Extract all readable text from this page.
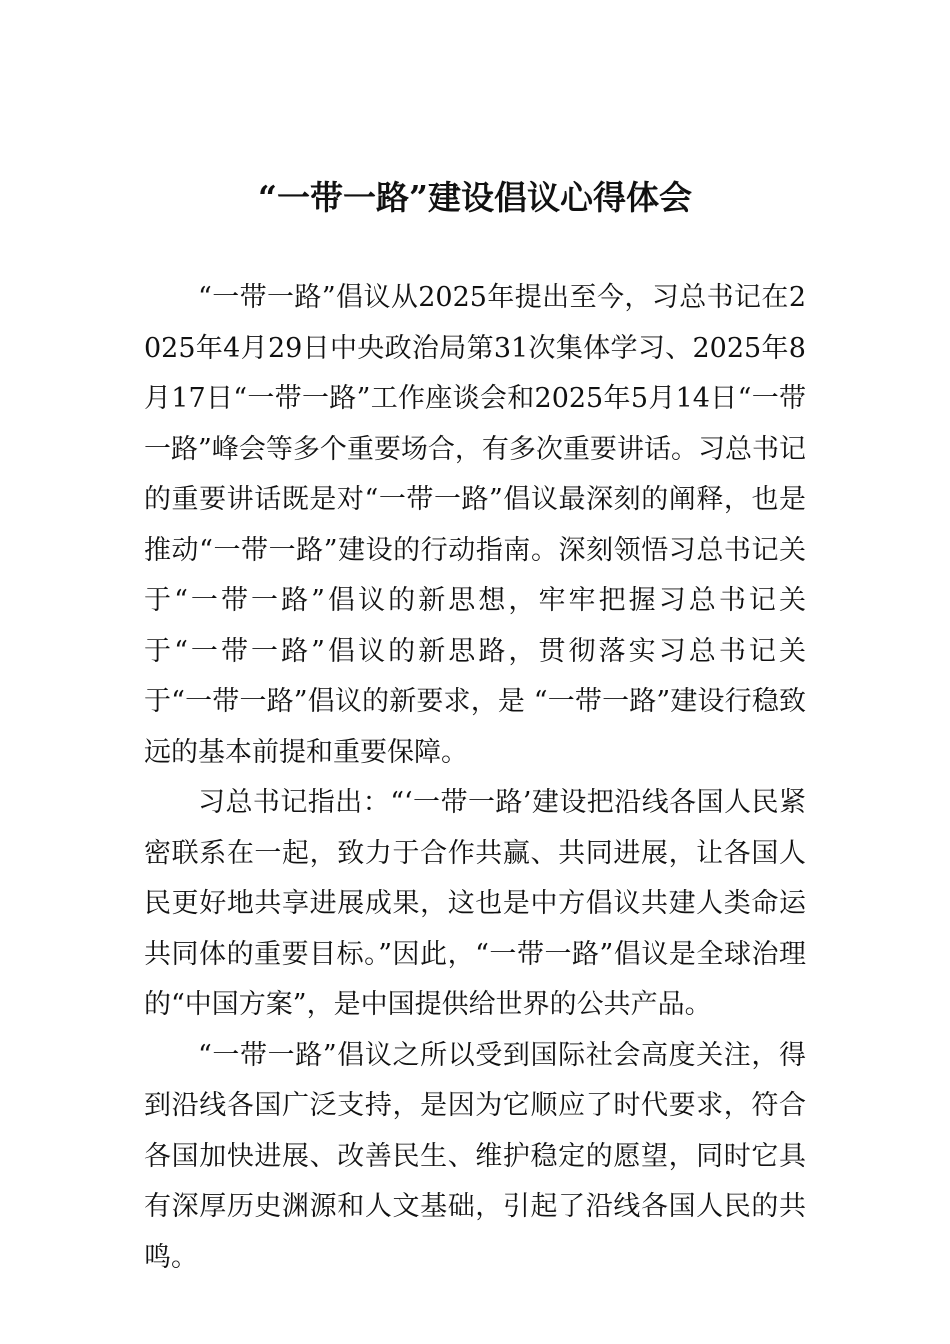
“一带一路”建设倡议心得体会

“一带一路”倡议从2025年提出至今，习总书记在2025年4月29日中央政治局第31次集体学习、2025年8月17日“一带一路”工作座谈会和2025年5月14日“一带一路”峰会等多个重要场合，有多次重要讲话。习总书记的重要讲话既是对“一带一路”倡议最深刻的阐释，也是推动“一带一路”建设的行动指南。深刻领悟习总书记关于“一带一路”倡议的新思想，牢牢把握习总书记关于“一带一路”倡议的新思路，贯彻落实习总书记关于“一带一路”倡议的新要求，是 “一带一路”建设行稳致远的基本前提和重要保障。

习总书记指出：“‘一带一路’建设把沿线各国人民紧密联系在一起，致力于合作共赢、共同进展，让各国人民更好地共享进展成果，这也是中方倡议共建人类命运共同体的重要目标。”因此，“一带一路”倡议是全球治理的“中国方案”，是中国提供给世界的公共产品。

“一带一路”倡议之所以受到国际社会高度关注，得到沿线各国广泛支持，是因为它顺应了时代要求，符合各国加快进展、改善民生、维护稳定的愿望，同时它具有深厚历史渊源和人文基础，引起了沿线各国人民的共鸣。
